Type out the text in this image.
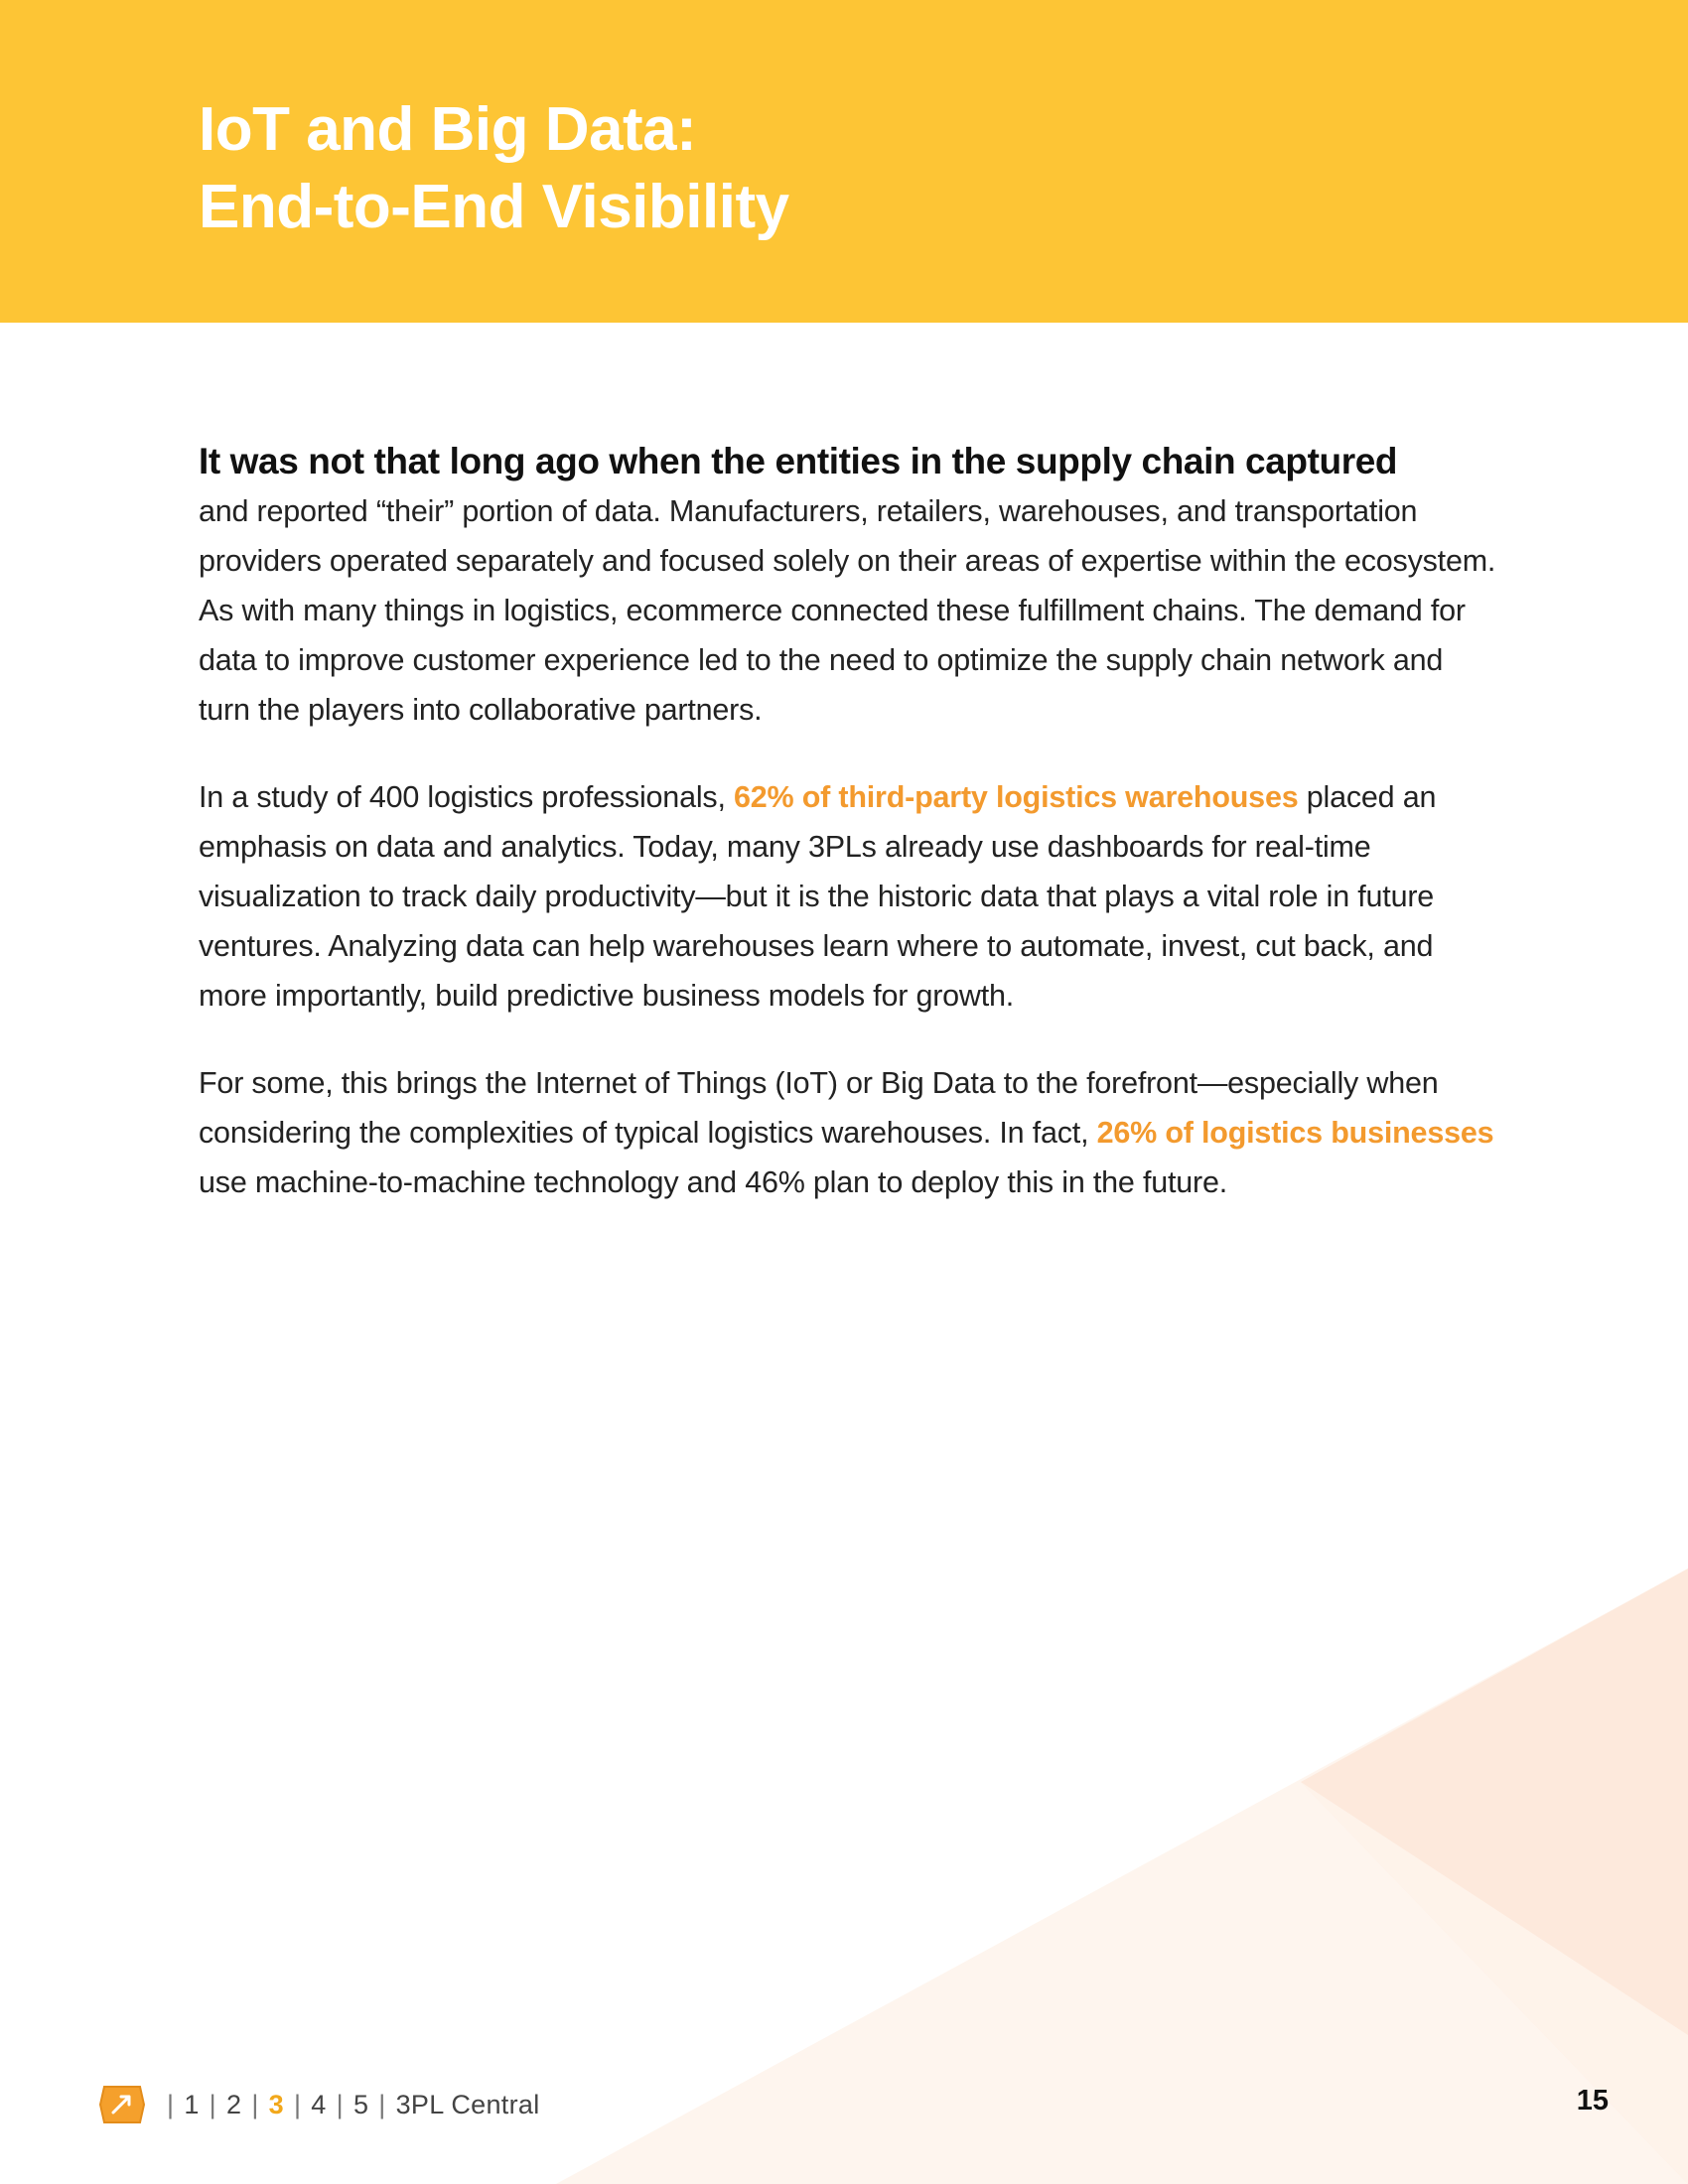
IoT and Big Data:
End-to-End Visibility

It was not that long ago when the entities in the supply chain captured
and reported “their” portion of data. Manufacturers, retailers, warehouses, and transportation providers operated separately and focused solely on their areas of expertise within the ecosystem. As with many things in logistics, ecommerce connected these fulfillment chains. The demand for data to improve customer experience led to the need to optimize the supply chain network and turn the players into collaborative partners.

In a study of 400 logistics professionals, 62% of third-party logistics warehouses placed an emphasis on data and analytics. Today, many 3PLs already use dashboards for real-time visualization to track daily productivity—but it is the historic data that plays a vital role in future ventures. Analyzing data can help warehouses learn where to automate, invest, cut back, and more importantly, build predictive business models for growth.

For some, this brings the Internet of Things (IoT) or Big Data to the forefront—especially when considering the complexities of typical logistics warehouses. In fact, 26% of logistics businesses use machine-to-machine technology and 46% plan to deploy this in the future.

| 1 | 2 | 3 | 4 | 5 | 3PL Central	15
